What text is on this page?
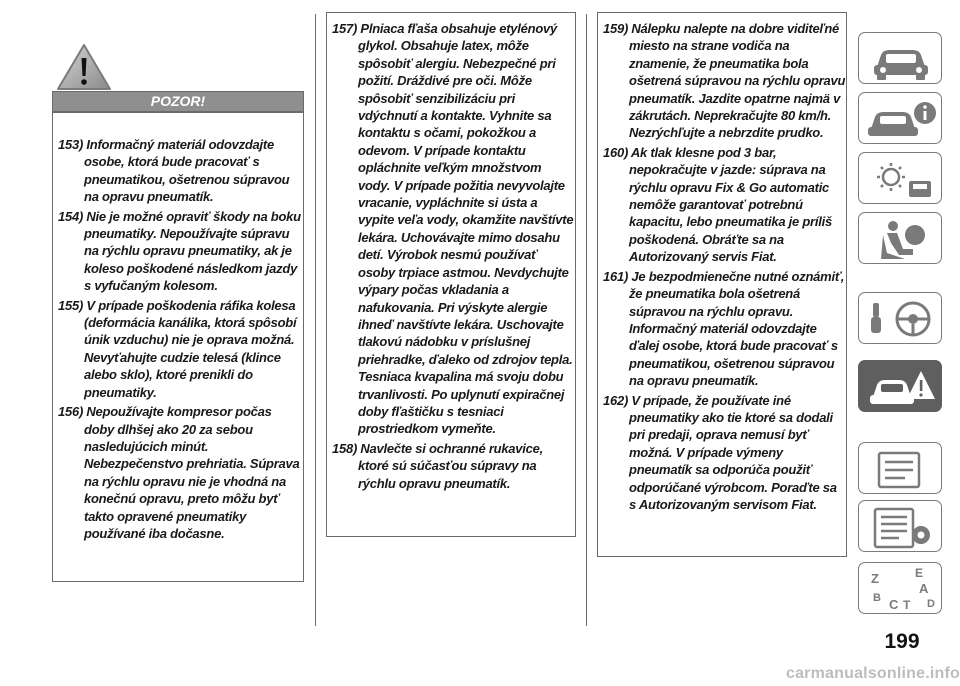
POZOR!
153) Informačný materiál odovzdajte osobe, ktorá bude pracovať s pneumatikou, ošetrenou súpravou na opravu pneumatík.
154) Nie je možné opraviť škody na boku pneumatiky. Nepoužívajte súpravu na rýchlu opravu pneumatiky, ak je koleso poškodené následkom jazdy s vyfučaným kolesom.
155) V prípade poškodenia ráfika kolesa (deformácia kanálika, ktorá spôsobí únik vzduchu) nie je oprava možná. Nevyťahujte cudzie telesá (klince alebo sklo), ktoré prenikli do pneumatiky.
156) Nepoužívajte kompresor počas doby dlhšej ako 20 za sebou nasledujúcich minút. Nebezpečenstvo prehriatia. Súprava na rýchlu opravu nie je vhodná na konečnú opravu, preto môžu byť takto opravené pneumatiky používané iba dočasne.
157) Plniaca fľaša obsahuje etylénový glykol. Obsahuje latex, môže spôsobiť alergiu. Nebezpečné pri požití. Dráždivé pre oči. Môže spôsobiť senzibilizáciu pri vdýchnutí a kontakte. Vyhnite sa kontaktu s očami, pokožkou a odevom. V prípade kontaktu opláchnite veľkým množstvom vody. V prípade požitia nevyvolajte vracanie, vypláchnite si ústa a vypite veľa vody, okamžite navštívte lekára. Uchovávajte mimo dosahu detí. Výrobok nesmú používať osoby trpiace astmou. Nevdychujte výpary počas vkladania a nafukovania. Pri výskyte alergie ihneď navštívte lekára. Uschovajte tlakovú nádobku v príslušnej priehradke, ďaleko od zdrojov tepla. Tesniaca kvapalina má svoju dobu trvanlivosti. Po uplynutí expiračnej doby fľaštičku s tesniaci prostriedkom vymeňte.
158) Navlečte si ochranné rukavice, ktoré sú súčasťou súpravy na rýchlu opravu pneumatík.
159) Nálepku nalepte na dobre viditeľné miesto na strane vodiča na znamenie, že pneumatika bola ošetrená súpravou na rýchlu opravu pneumatík. Jazdite opatrne najmä v zákrutách. Neprekračujte 80 km/h. Nezrýchľujte a nebrzdite prudko.
160) Ak tlak klesne pod 3 bar, nepokračujte v jazde: súprava na rýchlu opravu Fix & Go automatic nemôže garantovať potrebnú kapacitu, lebo pneumatika je príliš poškodená. Obráťte sa na Autorizovaný servis Fiat.
161) Je bezpodmienečne nutné oznámiť, že pneumatika bola ošetrená súpravou na rýchlu opravu. Informačný materiál odovzdajte ďalej osobe, ktorá bude pracovať s pneumatikou, ošetrenou súpravou na opravu pneumatík.
162) V prípade, že používate iné pneumatiky ako tie ktoré sa dodali pri predaji, oprava nemusí byť možná. V prípade výmeny pneumatík sa odporúča použiť odporúčané výrobcom. Poraďte sa s Autorizovaným servisom Fiat.
Z	E
A
B C T D
199
carmanualsonline.info
